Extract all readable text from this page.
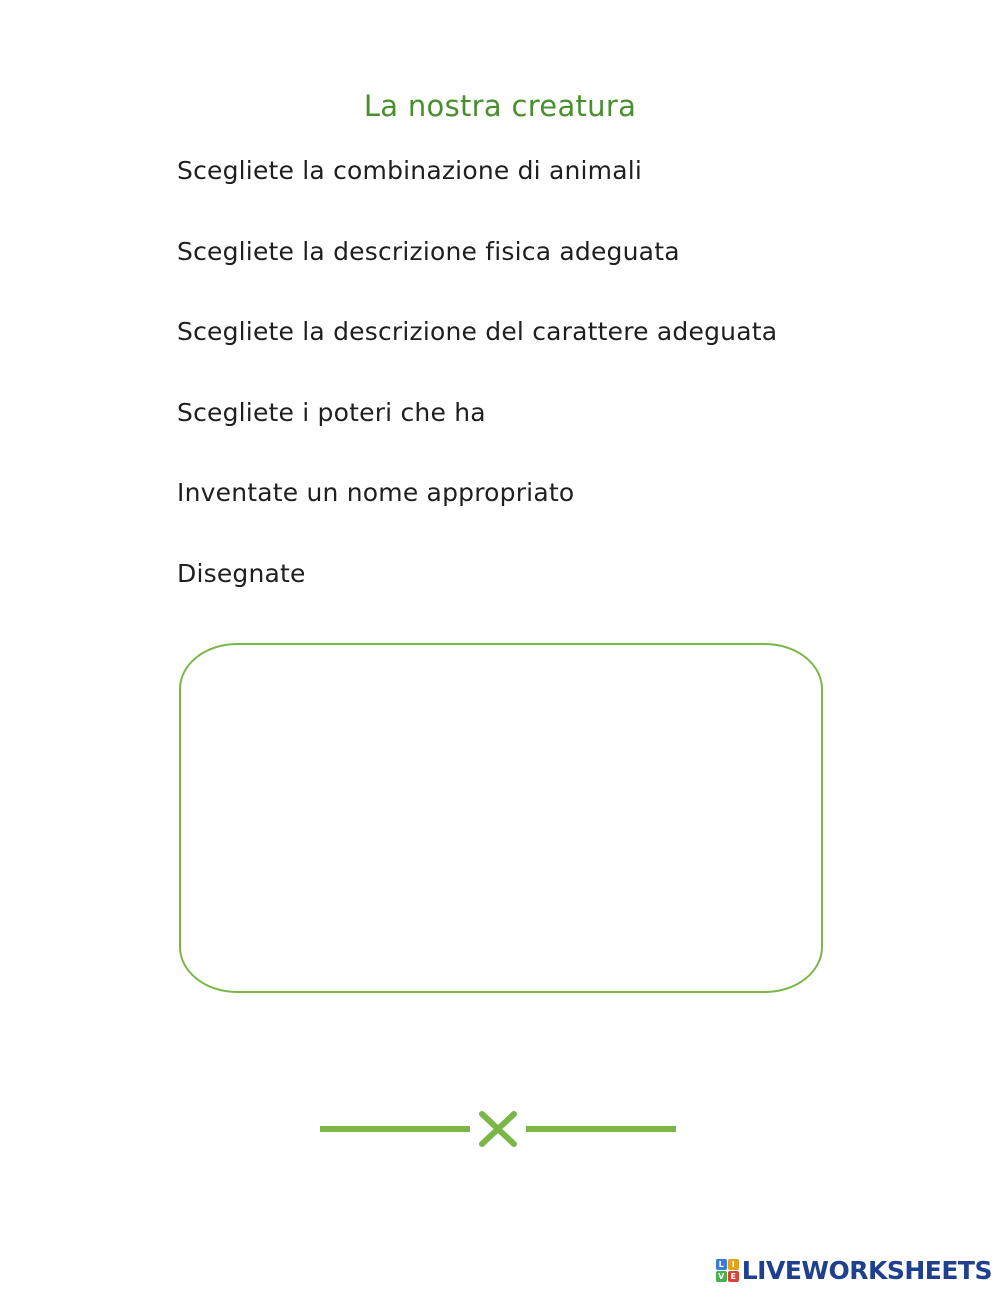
La nostra creatura
Scegliete la combinazione di animali
Scegliete la descrizione fisica adeguata
Scegliete la descrizione del carattere adeguata
Scegliete i poteri che ha
Inventate un nome appropriato
Disegnate
L I
V E LIVEWORKSHEETS
